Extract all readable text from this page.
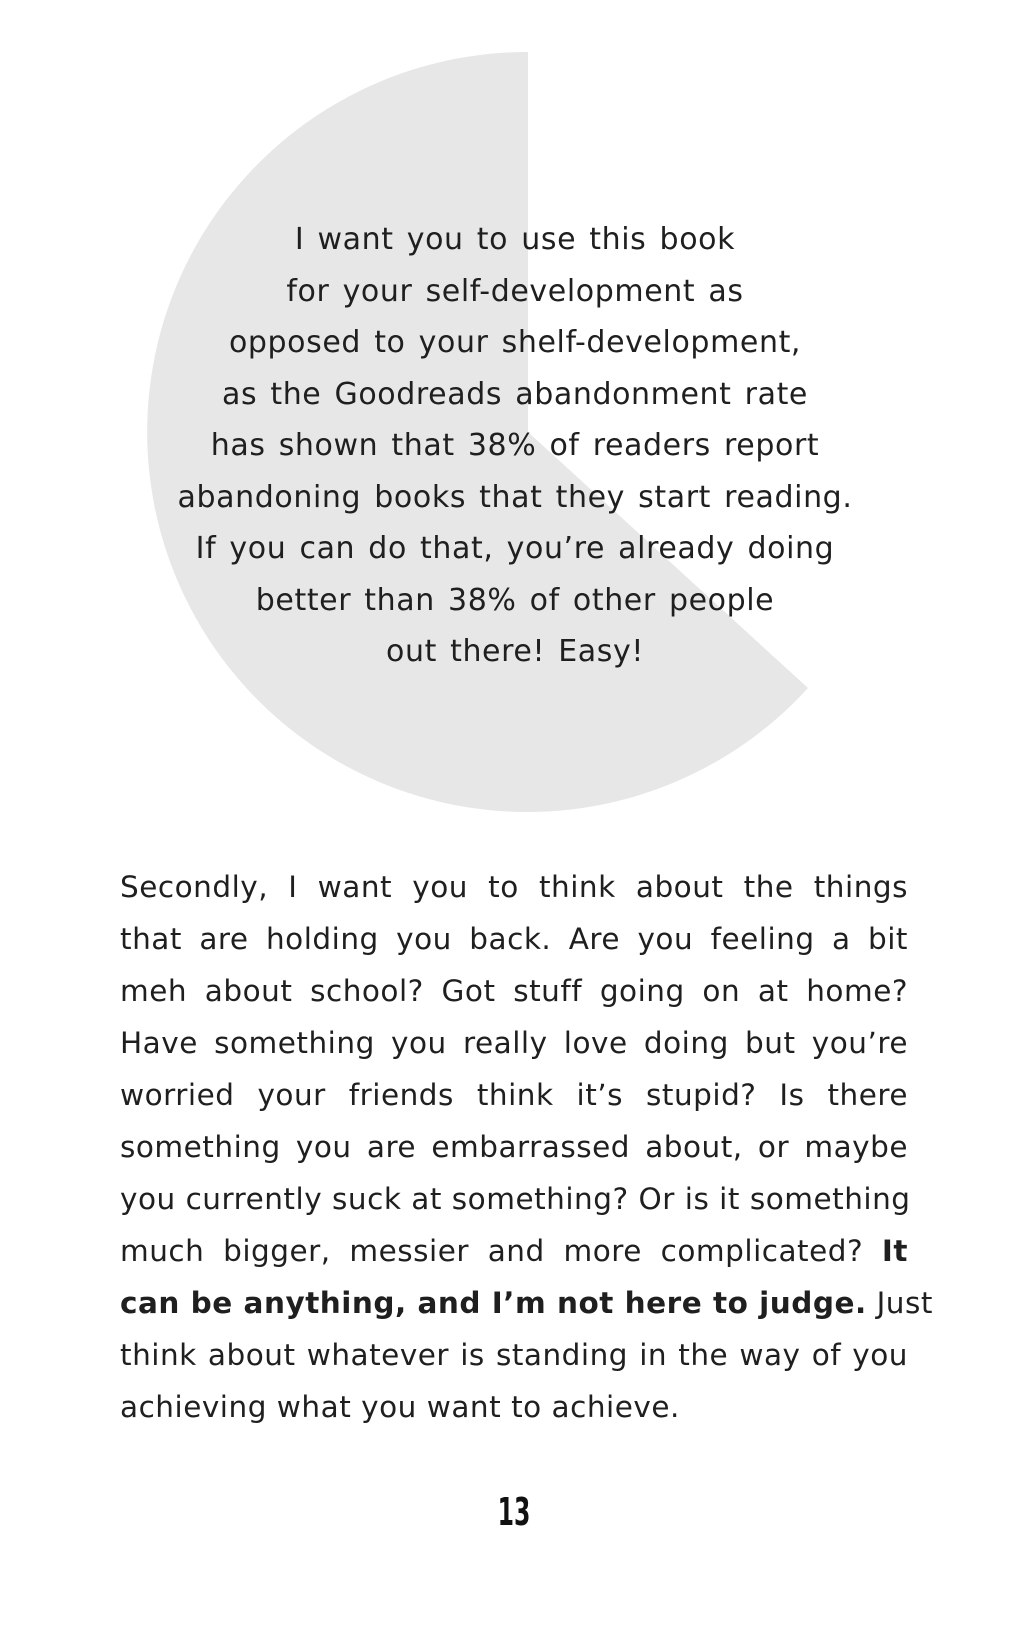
I want you to use this book
for your self-development as
opposed to your shelf-development,
as the Goodreads abandonment rate
has shown that 38% of readers report
abandoning books that they start reading.
If you can do that, you’re already doing
better than 38% of other people
out there! Easy!

Secondly, I want you to think about the things
that are holding you back. Are you feeling a bit
meh about school? Got stuff going on at home?
Have something you really love doing but you’re
worried your friends think it’s stupid? Is there
something you are embarrassed about, or maybe
you currently suck at something? Or is it something
much bigger, messier and more complicated? It
can be anything, and I’m not here to judge. Just
think about whatever is standing in the way of you
achieving what you want to achieve.

13
